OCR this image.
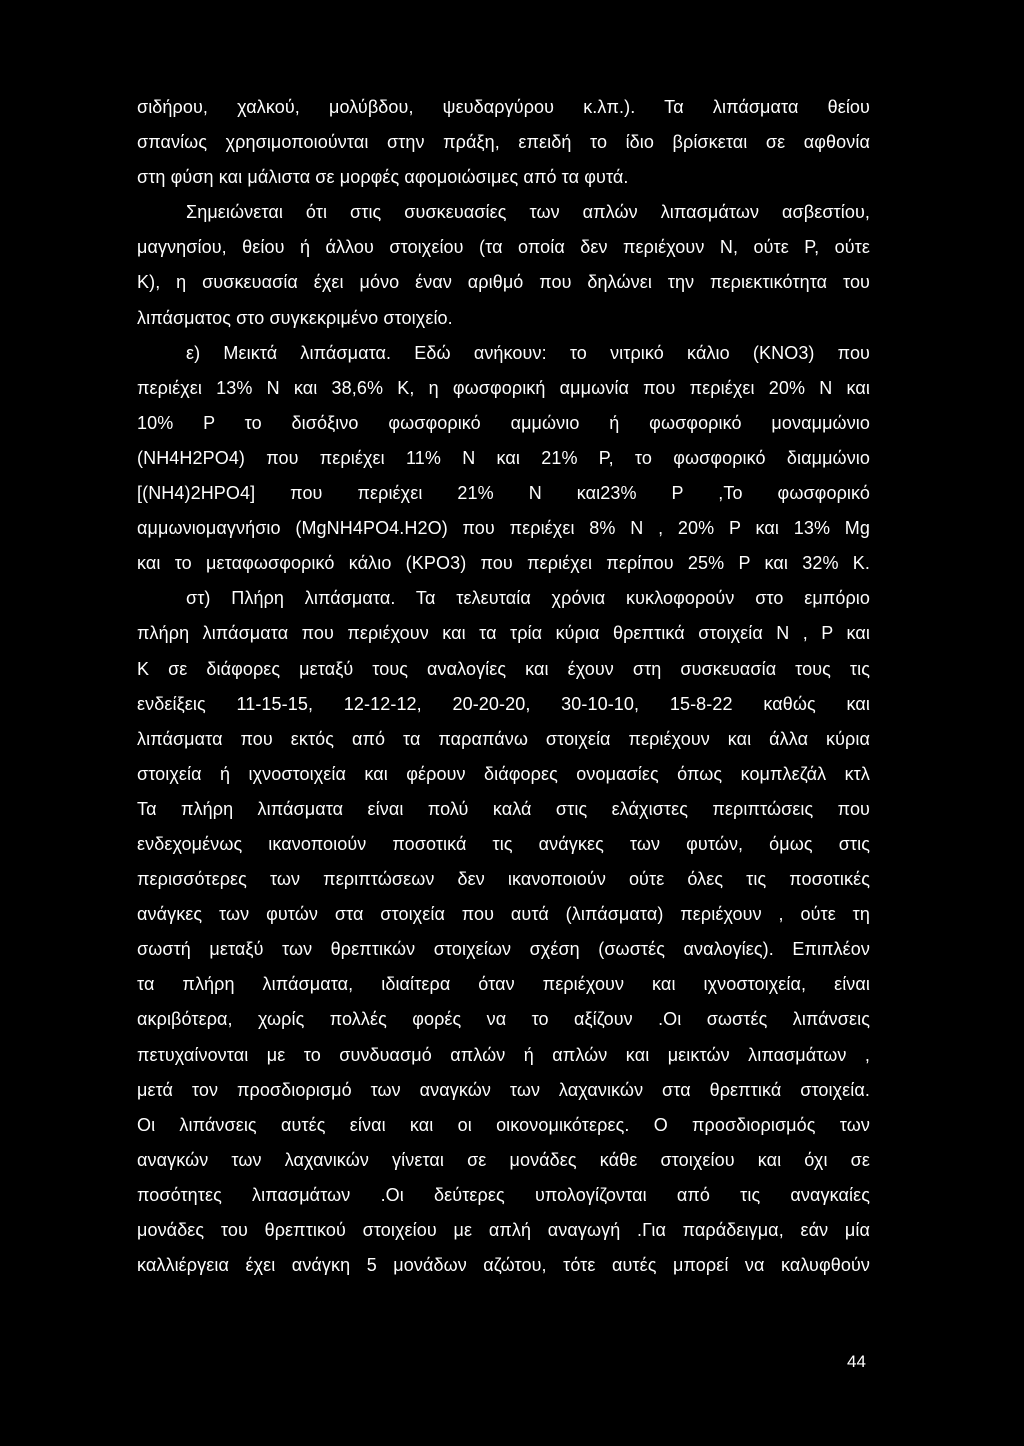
σιδήρου, χαλκού, μολύβδου, ψευδαργύρου κ.λπ.). Τα λιπάσματα θείου
σπανίως χρησιμοποιούνται στην πράξη, επειδή το ίδιο βρίσκεται σε αφθονία
στη φύση και μάλιστα σε μορφές αφομοιώσιμες από τα φυτά.
Σημειώνεται ότι στις συσκευασίες των απλών λιπασμάτων ασβεστίου,
μαγνησίου, θείου ή άλλου στοιχείου (τα οποία δεν περιέχουν Ν, ούτε Ρ, ούτε
Κ), η συσκευασία έχει μόνο έναν αριθμό που δηλώνει την περιεκτικότητα του
λιπάσματος στο συγκεκριμένο στοιχείο.
ε) Μεικτά λιπάσματα. Εδώ ανήκουν: το νιτρικό κάλιο (ΚΝΟ3) που
περιέχει 13% Ν και 38,6% Κ, η φωσφορική αμμωνία που περιέχει 20% Ν και
10% Ρ το δισόξινο φωσφορικό αμμώνιο ή φωσφορικό μοναμμώνιο
(NH4H2PO4) που περιέχει 11% Ν και 21% Ρ, το φωσφορικό διαμμώνιο
[(NH4)2HPO4] που περιέχει 21% Ν και23% Ρ ,Το φωσφορικό
αμμωνιομαγνήσιο (MgNH4PO4.H2O) που περιέχει 8% Ν , 20% Ρ και 13% Mg
και το μεταφωσφορικό κάλιο (ΚΡΟ3) που περιέχει περίπου 25% Ρ και 32% Κ.
στ) Πλήρη λιπάσματα. Τα τελευταία χρόνια κυκλοφορούν στο εμπόριο
πλήρη λιπάσματα που περιέχουν και τα τρία κύρια θρεπτικά στοιχεία Ν , Ρ και
Κ σε διάφορες μεταξύ τους αναλογίες και έχουν στη συσκευασία τους τις
ενδείξεις 11-15-15, 12-12-12, 20-20-20, 30-10-10, 15-8-22 καθώς και
λιπάσματα που εκτός από τα παραπάνω στοιχεία περιέχουν και άλλα κύρια
στοιχεία ή ιχνοστοιχεία και φέρουν διάφορες ονομασίες όπως κομπλεζάλ κτλ
Τα πλήρη λιπάσματα είναι πολύ καλά στις ελάχιστες περιπτώσεις που
ενδεχομένως ικανοποιούν ποσοτικά τις ανάγκες των φυτών, όμως στις
περισσότερες των περιπτώσεων δεν ικανοποιούν ούτε όλες τις ποσοτικές
ανάγκες των φυτών στα στοιχεία που αυτά (λιπάσματα) περιέχουν , ούτε τη
σωστή μεταξύ των θρεπτικών στοιχείων σχέση (σωστές αναλογίες). Επιπλέον
τα πλήρη λιπάσματα, ιδιαίτερα όταν περιέχουν και ιχνοστοιχεία, είναι
ακριβότερα, χωρίς πολλές φορές να το αξίζουν .Οι σωστές λιπάνσεις
πετυχαίνονται με το συνδυασμό απλών ή απλών και μεικτών λιπασμάτων ,
μετά τον προσδιορισμό των αναγκών των λαχανικών στα θρεπτικά στοιχεία.
Οι λιπάνσεις αυτές είναι και οι οικονομικότερες. Ο προσδιορισμός των
αναγκών των λαχανικών γίνεται σε μονάδες κάθε στοιχείου και όχι σε
ποσότητες λιπασμάτων .Οι δεύτερες υπολογίζονται από τις αναγκαίες
μονάδες του θρεπτικού στοιχείου με απλή αναγωγή .Για παράδειγμα, εάν μία
καλλιέργεια έχει ανάγκη 5 μονάδων αζώτου, τότε αυτές μπορεί να καλυφθούν
44
